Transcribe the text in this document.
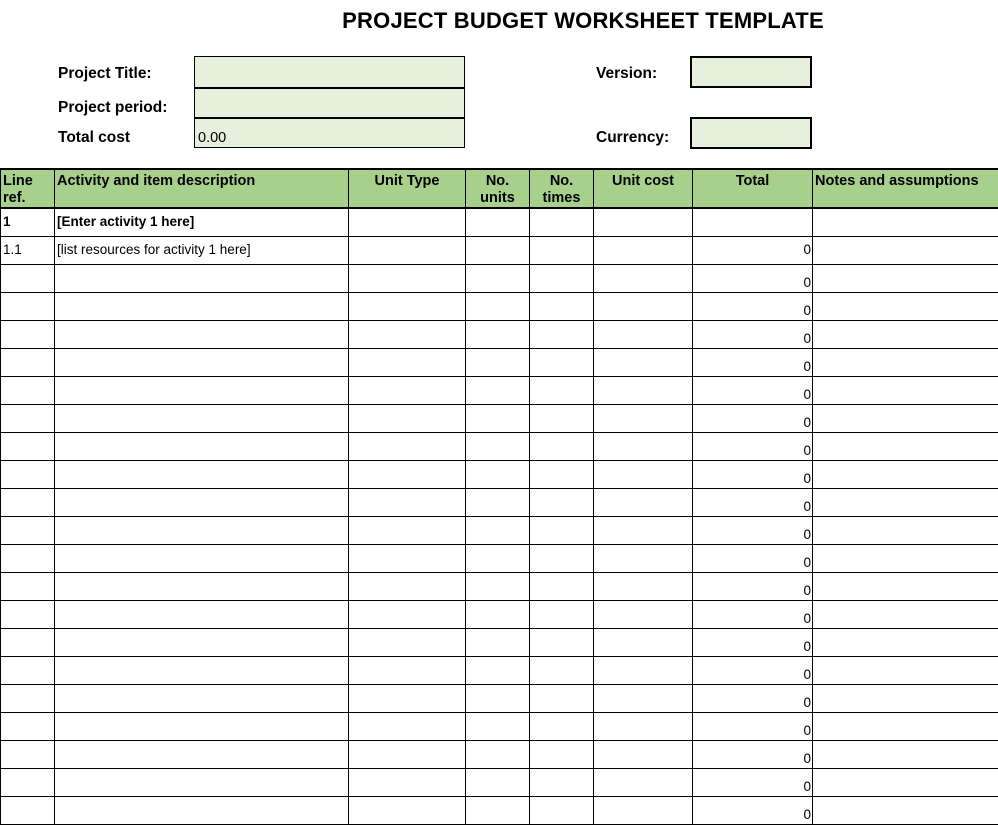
PROJECT BUDGET WORKSHEET TEMPLATE
Project Title:
Project period:
Total cost	0.00
Version:
Currency:
Line ref.	Activity and item description	Unit Type	No. units	No. times	Unit cost	Total	Notes and assumptions
1	[Enter activity 1 here]						
1.1	[list resources for activity 1 here]					0	
						0	
						0	
						0	
						0	
						0	
						0	
						0	
						0	
						0	
						0	
						0	
						0	
						0	
						0	
						0	
						0	
						0	
						0	
						0	
						0	
